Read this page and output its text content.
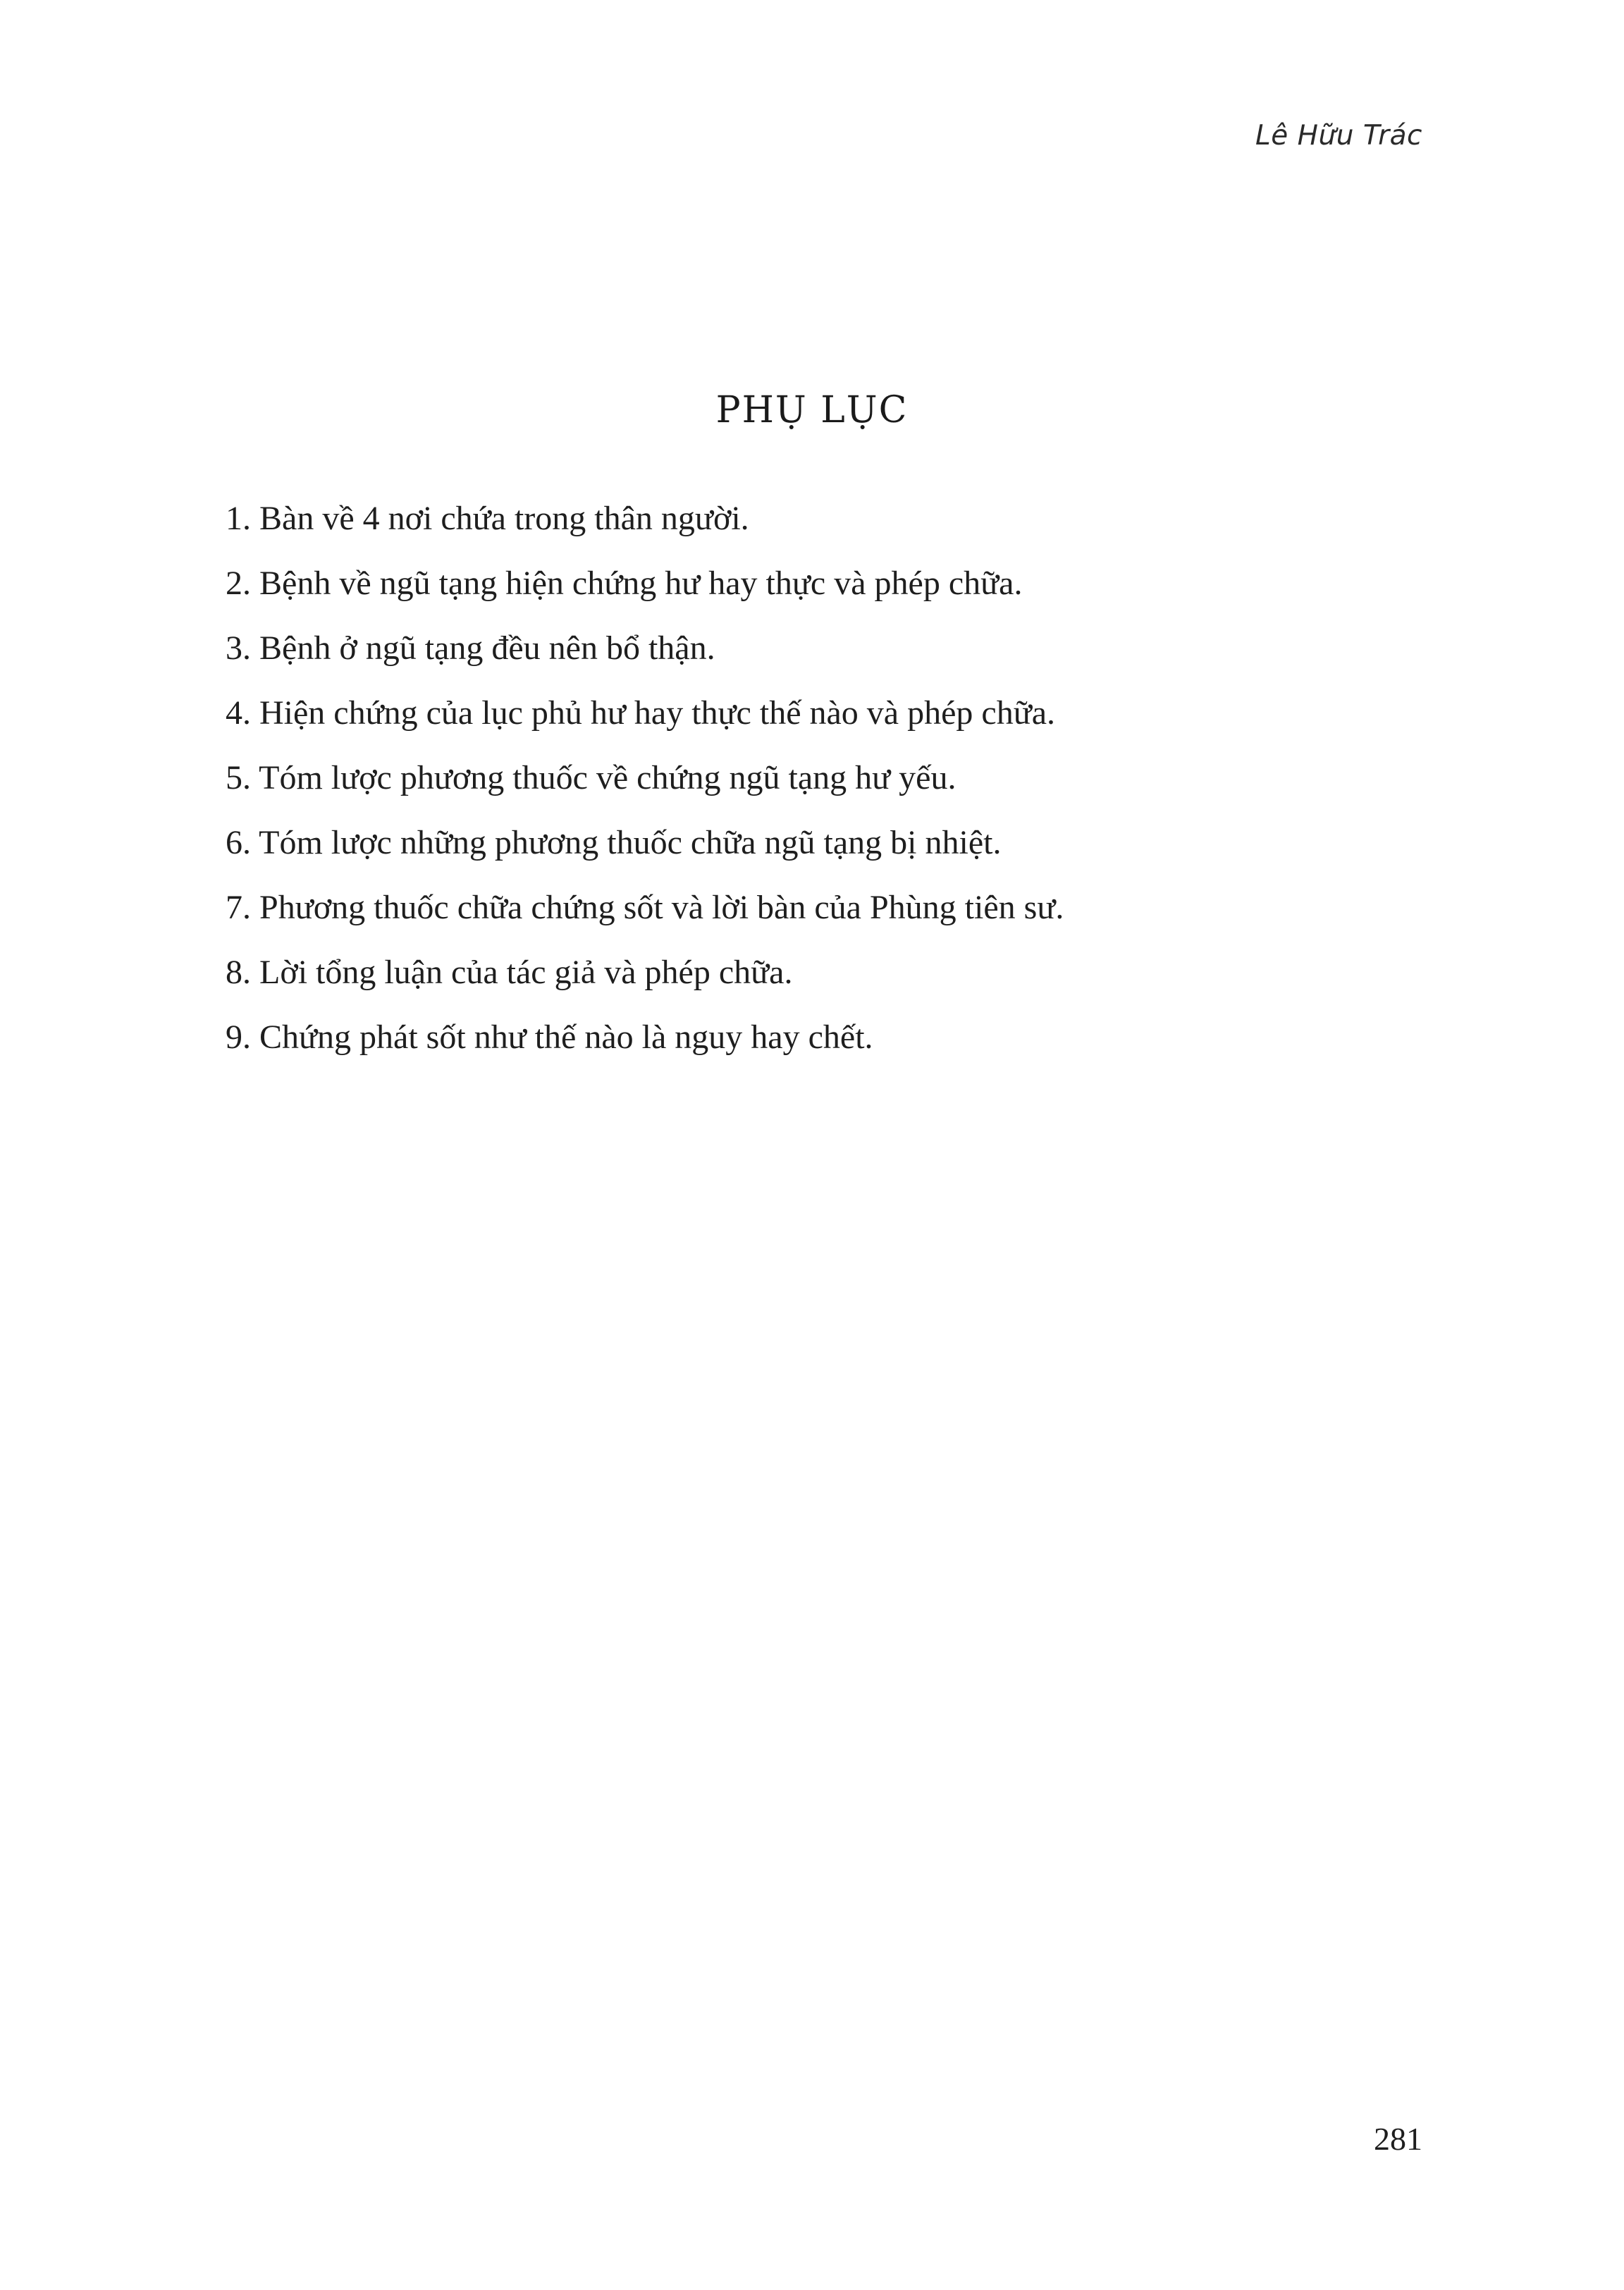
Lê Hữu Trác
PHỤ LỤC
1. Bàn về 4 nơi chứa trong thân người.
2. Bệnh về ngũ tạng hiện chứng hư hay thực và phép chữa.
3. Bệnh ở ngũ tạng đều nên bổ thận.
4. Hiện chứng của lục phủ hư hay thực thế nào và phép chữa.
5. Tóm lược phương thuốc về chứng ngũ tạng hư yếu.
6. Tóm lược những phương thuốc chữa ngũ tạng bị nhiệt.
7. Phương thuốc chữa chứng sốt và lời bàn của Phùng tiên sư.
8. Lời tổng luận của tác giả và phép chữa.
9. Chứng phát sốt như thế nào là nguy hay chết.
281
